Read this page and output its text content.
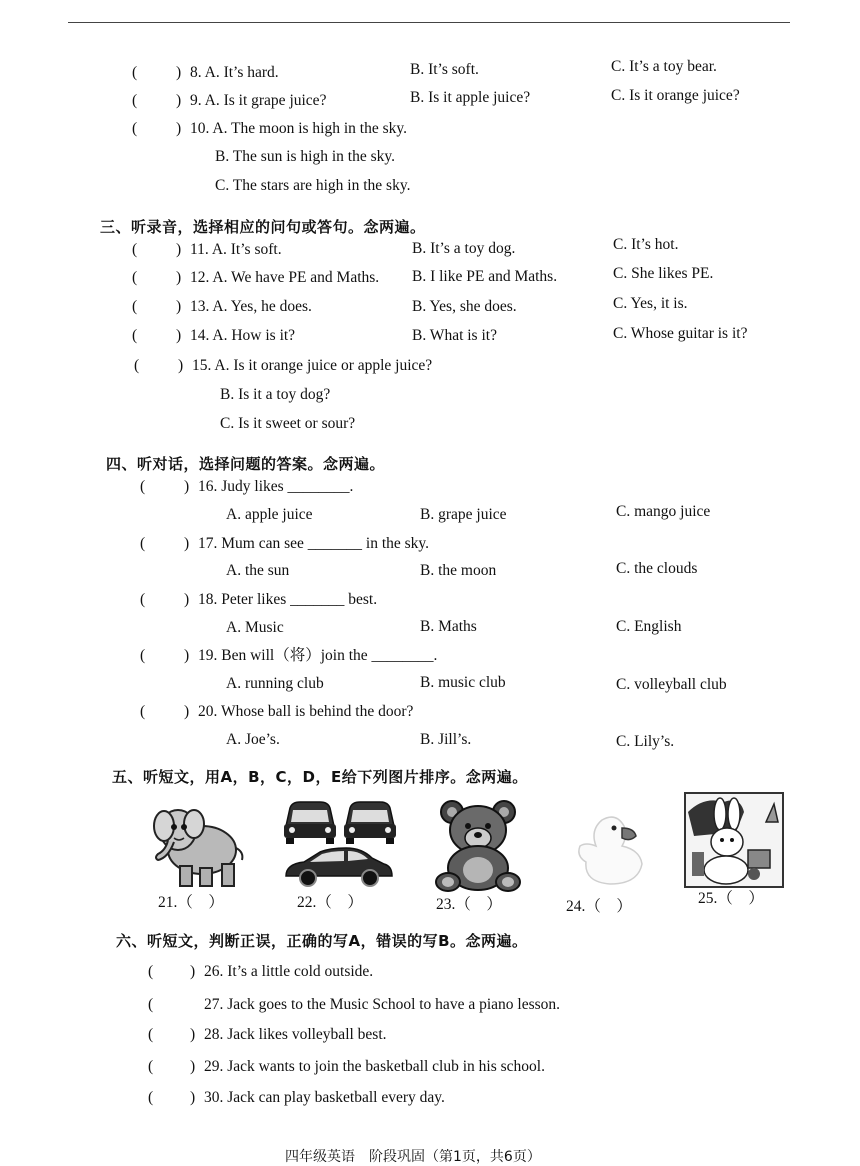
(	) 8. A. It’s hard.	B. It’s soft.	C. It’s a toy bear.
(	) 9. A. Is it grape juice?	B. Is it apple juice?	C. Is it orange juice?
(	) 10. A. The moon is high in the sky.
B. The sun is high in the sky.
C. The stars are high in the sky.
三、听录音，选择相应的问句或答句。念两遍。
(	) 11. A. It’s soft.	B. It’s a toy dog.	C. It’s hot.
(	) 12. A. We have PE and Maths. B. I like PE and Maths.	C. She likes PE.
(	) 13. A. Yes, he does.	B. Yes, she does.	C. Yes, it is.
(	) 14. A. How is it?	B. What is it?	C. Whose guitar is it?
(	) 15. A. Is it orange juice or apple juice?
B. Is it a toy dog?
C. Is it sweet or sour?
四、听对话，选择问题的答案。念两遍。
(	) 16. Judy likes ________.
A. apple juice	B. grape juice	C. mango juice
(	) 17. Mum can see _______ in the sky.
A. the sun	B. the moon	C. the clouds
(	) 18. Peter likes _______ best.
A. Music	B. Maths	C. English
(	) 19. Ben will（将）join the ________.
A. running club	B. music club	C. volleyball club
(	) 20. Whose ball is behind the door?
A. Joe’s.	B. Jill’s.	C. Lily’s.
五、听短文，用A，B，C，D，E给下列图片排序。念两遍。
21.（　）	22.（　）	23.（　）	24.（　）	25.（　）
六、听短文，判断正误，正确的写A，错误的写B。念两遍。
( ) 26. It’s a little cold outside.
(	27. Jack goes to the Music School to have a piano lesson.
( ) 28. Jack likes volleyball best.
( ) 29. Jack wants to join the basketball club in his school.
( ) 30. Jack can play basketball every day.
四年级英语　阶段巩固（第1页，共6页）
